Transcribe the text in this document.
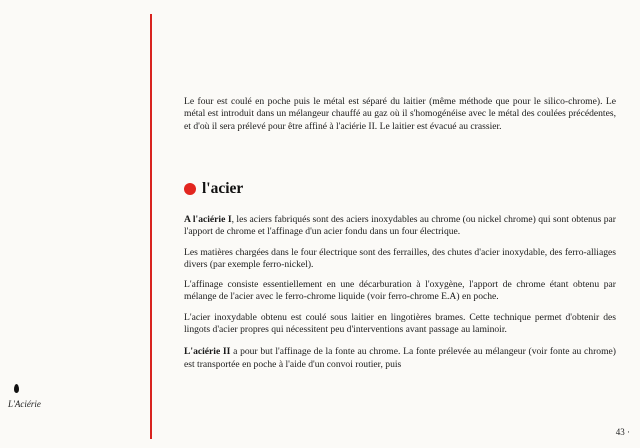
Le four est coulé en poche puis le métal est séparé du laitier (même méthode que pour le silico-chrome). Le métal est introduit dans un mélangeur chauffé au gaz où il s'homogénéise avec le métal des coulées précédentes, et d'où il sera prélevé pour être affiné à l'aciérie II. Le laitier est évacué au crassier.

l'acier

A l'aciérie I, les aciers fabriqués sont des aciers inoxydables au chrome (ou nickel chrome) qui sont obtenus par l'apport de chrome et l'affinage d'un acier fondu dans un four électrique.

Les matières chargées dans le four électrique sont des ferrailles, des chutes d'acier inoxydable, des ferro-alliages divers (par exemple ferro-nickel).

L'affinage consiste essentiellement en une décarburation à l'oxygène, l'apport de chrome étant obtenu par mélange de l'acier avec le ferro-chrome liquide (voir ferro-chrome E.A) en poche.

L'acier inoxydable obtenu est coulé sous laitier en lingotières brames. Cette technique permet d'obtenir des lingots d'acier propres qui nécessitent peu d'interventions avant passage au laminoir.

L'aciérie II a pour but l'affinage de la fonte au chrome. La fonte prélevée au mélangeur (voir fonte au chrome) est transportée en poche à l'aide d'un convoi routier, puis

L'Aciérie
43 ·
